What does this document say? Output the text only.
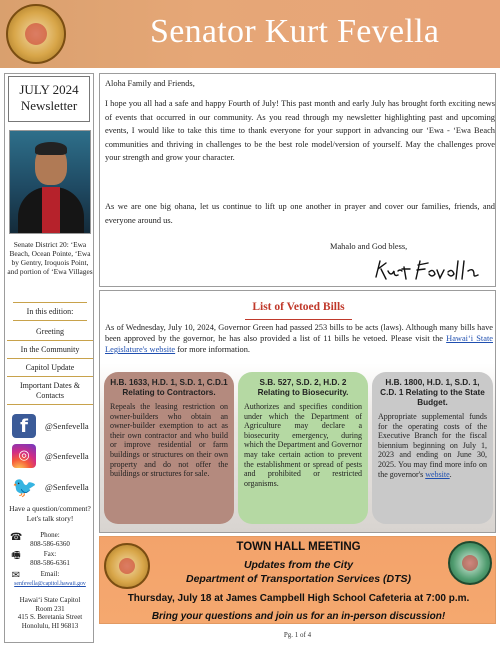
Senator Kurt Fevella
JULY 2024
Newsletter
Senate District 20: ‘Ewa Beach, Ocean Pointe, ‘Ewa by Gentry, Iroquois Point, and portion of ‘Ewa Villages
In this edition:
Greeting
In the Community
Capitol Update
Important Dates & Contacts
f	@Senfevella
◎	@Senfevella
🐦 @Senfevella
Have a question/comment? Let's talk story!
☎	Phone:
808-586-6360
🖷	Fax:
808-586-6361
✉	Email:
senfevella@capitol.hawaii.gov
Hawai‘i State Capitol
Room 231
415 S. Beretania Street
Honolulu, HI 96813
Aloha Family and Friends,
I hope you all had a safe and happy Fourth of July! This past month and early July has brought forth exciting news of events that occurred in our community. As you read through my newsletter highlighting past and upcoming events, I would like to take this time to thank everyone for your support in advancing our ‘Ewa - ‘Ewa Beach communities and thriving in challenges to be the best role model/version of yourself. May the challenges prove your strength and grow your character.
As we are one big ohana, let us continue to lift up one another in prayer and cover our families, friends, and everyone around us.
Mahalo and God bless,
List of Vetoed Bills
As of Wednesday, July 10, 2024, Governor Green had passed 253 bills to be acts (laws). Although many bills have been approved by the governor, he has also provided a list of 11 bills he vetoed. Please visit the Hawai‘i State Legislature's website for more information.
H.B. 1633, H.D. 1, S.D. 1, C.D.1 Relating to Contractors.
Repeals the leasing restriction on owner-builders who obtain an owner-builder exemption to act as their own contractor and who build or improve residential or farm buildings or structures on their own property and do not offer the buildings or structures for sale.
S.B. 527, S.D. 2, H.D. 2 Relating to Biosecurity.
Authorizes and specifies condition under which the Department of Agriculture may declare a biosecurity emergency, during which the Department and Governor may take certain action to prevent the establishment or spread of pests and prohibited or restricted organisms.
H.B. 1800, H.D. 1, S.D. 1, C.D. 1 Relating to the State Budget.
Appropriate supplemental funds for the operating costs of the Executive Branch for the fiscal biennium beginning on July 1, 2023 and ending on June 30, 2025. You may find more info on the governor's website.
TOWN HALL MEETING
Updates from the City
Department of Transportation Services (DTS)
Thursday, July 18 at James Campbell High School Cafeteria at 7:00 p.m.
Bring your questions and join us for an in-person discussion!
Pg. 1 of 4
